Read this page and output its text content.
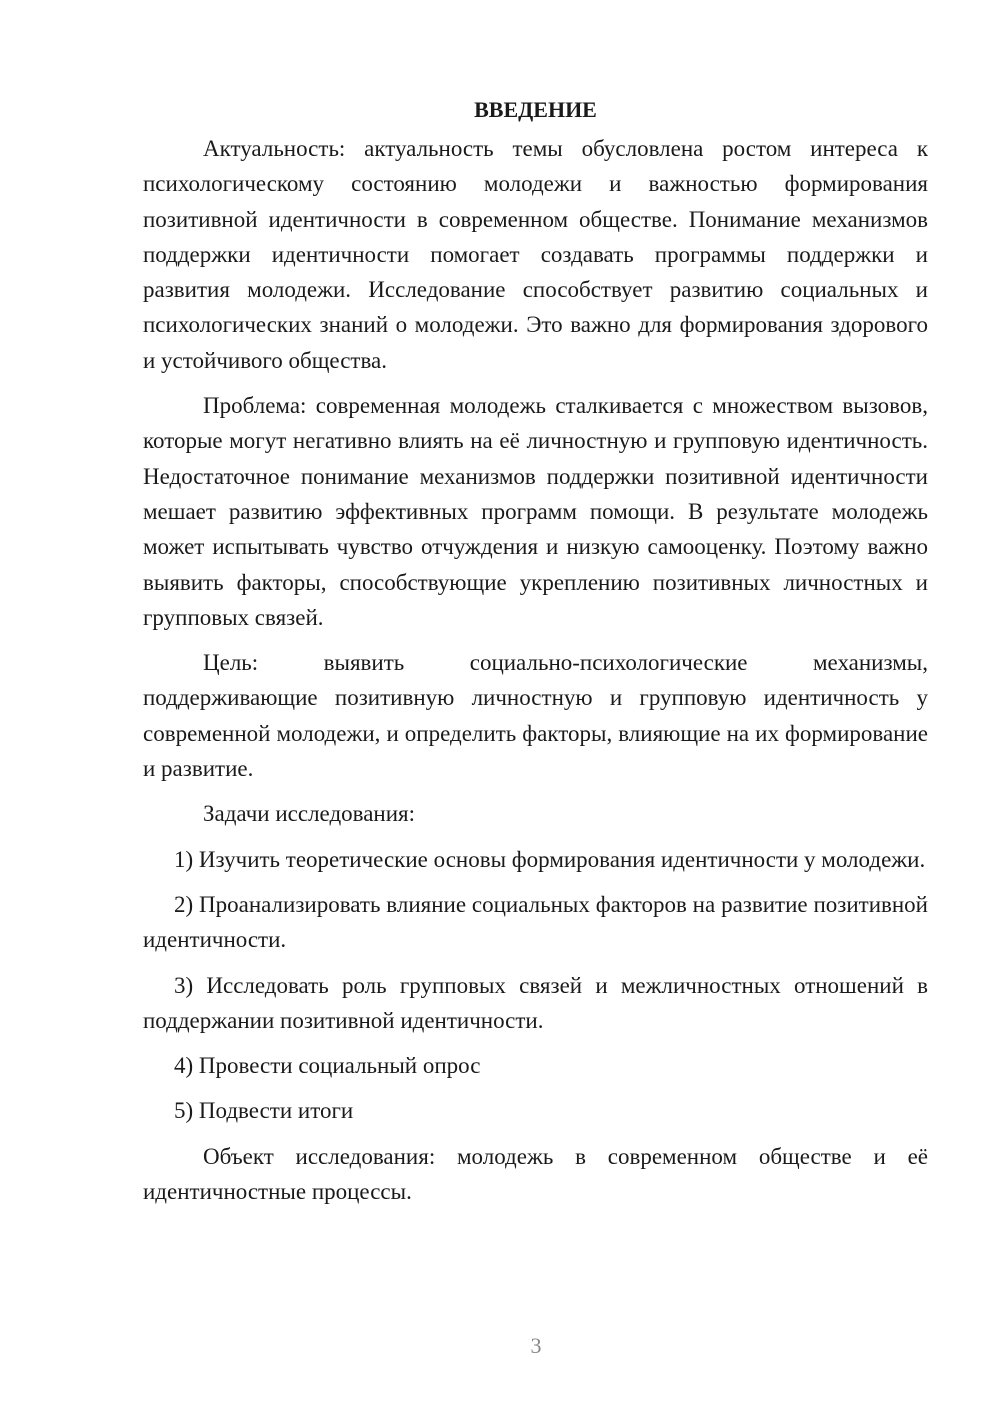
ВВЕДЕНИЕ

Актуальность: актуальность темы обусловлена ростом интереса к психологическому состоянию молодежи и важностью формирования позитивной идентичности в современном обществе. Понимание механизмов поддержки идентичности помогает создавать программы поддержки и развития молодежи. Исследование способствует развитию социальных и психологических знаний о молодежи. Это важно для формирования здорового и устойчивого общества.

Проблема: современная молодежь сталкивается с множеством вызовов, которые могут негативно влиять на её личностную и групповую идентичность. Недостаточное понимание механизмов поддержки позитивной идентичности мешает развитию эффективных программ помощи. В результате молодежь может испытывать чувство отчуждения и низкую самооценку. Поэтому важно выявить факторы, способствующие укреплению позитивных личностных и групповых связей.

Цель: выявить социально-психологические механизмы, поддерживающие позитивную личностную и групповую идентичность у современной молодежи, и определить факторы, влияющие на их формирование и развитие.

Задачи исследования:

1) Изучить теоретические основы формирования идентичности у молодежи.

2) Проанализировать влияние социальных факторов на развитие позитивной идентичности.

3) Исследовать роль групповых связей и межличностных отношений в поддержании позитивной идентичности.

4) Провести социальный опрос

5) Подвести итоги

Объект исследования: молодежь в современном обществе и её идентичностные процессы.

3
